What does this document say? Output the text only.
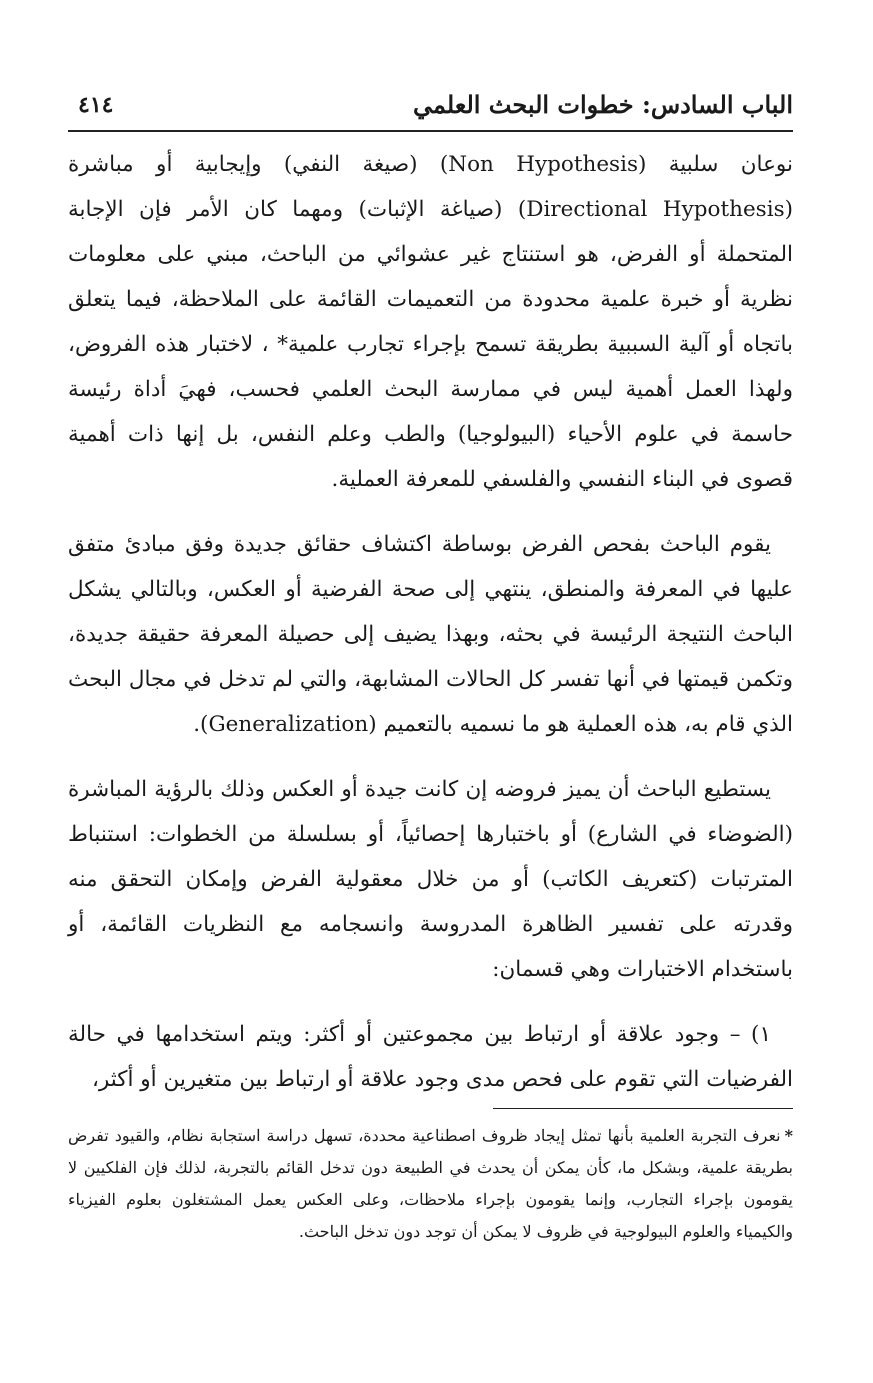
الباب السادس: خطوات البحث العلمي
٤١٤

نوعان سلبية (Non Hypothesis) (صيغة النفي) وإيجابية أو مباشرة (Directional Hypothesis) (صياغة الإثبات) ومهما كان الأمر فإن الإجابة المتحملة أو الفرض، هو استنتاج غير عشوائي من الباحث، مبني على معلومات نظرية أو خبرة علمية محدودة من التعميمات القائمة على الملاحظة، فيما يتعلق باتجاه أو آلية السببية بطريقة تسمح بإجراء تجارب علمية* ، لاختبار هذه الفروض، ولهذا العمل أهمية ليس في ممارسة البحث العلمي فحسب، فهيَ أداة رئيسة حاسمة في علوم الأحياء (البيولوجيا) والطب وعلم النفس، بل إنها ذات أهمية قصوى في البناء النفسي والفلسفي للمعرفة العملية.

يقوم الباحث بفحص الفرض بوساطة اكتشاف حقائق جديدة وفق مبادئ متفق عليها في المعرفة والمنطق، ينتهي إلى صحة الفرضية أو العكس، وبالتالي يشكل الباحث النتيجة الرئيسة في بحثه، وبهذا يضيف إلى حصيلة المعرفة حقيقة جديدة، وتكمن قيمتها في أنها تفسر كل الحالات المشابهة، والتي لم تدخل في مجال البحث الذي قام به، هذه العملية هو ما نسميه بالتعميم (Generalization).

يستطيع الباحث أن يميز فروضه إن كانت جيدة أو العكس وذلك بالرؤية المباشرة (الضوضاء في الشارع) أو باختبارها إحصائياً، أو بسلسلة من الخطوات: استنباط المترتبات (كتعريف الكاتب) أو من خلال معقولية الفرض وإمكان التحقق منه وقدرته على تفسير الظاهرة المدروسة وانسجامه مع النظريات القائمة، أو باستخدام الاختبارات وهي قسمان:

١) – وجود علاقة أو ارتباط بين مجموعتين أو أكثر: ويتم استخدامها في حالة الفرضيات التي تقوم على فحص مدى وجود علاقة أو ارتباط بين متغيرين أو أكثر،

*نعرف التجربة العلمية بأنها تمثل إيجاد ظروف اصطناعية محددة، تسهل دراسة استجابة نظام، والقيود تفرض بطريقة علمية، وبشكل ما، كأن يمكن أن يحدث في الطبيعة دون تدخل القائم بالتجربة، لذلك فإن الفلكيين لا يقومون بإجراء التجارب، وإنما يقومون بإجراء ملاحظات، وعلى العكس يعمل المشتغلون بعلوم الفيزياء والكيمياء والعلوم البيولوجية في ظروف لا يمكن أن توجد دون تدخل الباحث.
